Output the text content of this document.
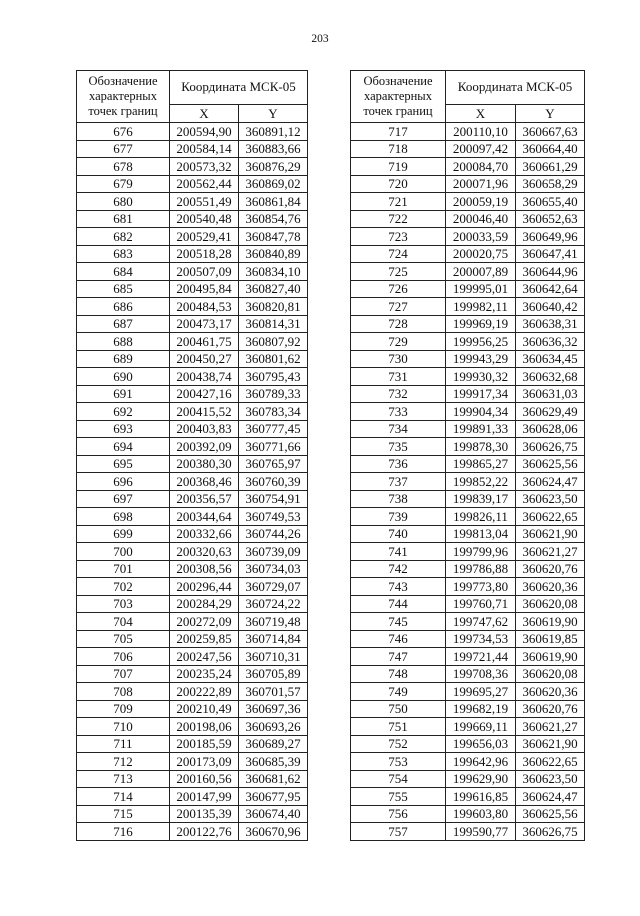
203
Обозначение характерных точек границ	Координата МСК-05	
	X	Y
676	200594,90	360891,12
677	200584,14	360883,66
678	200573,32	360876,29
679	200562,44	360869,02
680	200551,49	360861,84
681	200540,48	360854,76
682	200529,41	360847,78
683	200518,28	360840,89
684	200507,09	360834,10
685	200495,84	360827,40
686	200484,53	360820,81
687	200473,17	360814,31
688	200461,75	360807,92
689	200450,27	360801,62
690	200438,74	360795,43
691	200427,16	360789,33
692	200415,52	360783,34
693	200403,83	360777,45
694	200392,09	360771,66
695	200380,30	360765,97
696	200368,46	360760,39
697	200356,57	360754,91
698	200344,64	360749,53
699	200332,66	360744,26
700	200320,63	360739,09
701	200308,56	360734,03
702	200296,44	360729,07
703	200284,29	360724,22
704	200272,09	360719,48
705	200259,85	360714,84
706	200247,56	360710,31
707	200235,24	360705,89
708	200222,89	360701,57
709	200210,49	360697,36
710	200198,06	360693,26
711	200185,59	360689,27
712	200173,09	360685,39
713	200160,56	360681,62
714	200147,99	360677,95
715	200135,39	360674,40
716	200122,76	360670,96
Обозначение характерных точек границ	Координата МСК-05	
	X	Y
717	200110,10	360667,63
718	200097,42	360664,40
719	200084,70	360661,29
720	200071,96	360658,29
721	200059,19	360655,40
722	200046,40	360652,63
723	200033,59	360649,96
724	200020,75	360647,41
725	200007,89	360644,96
726	199995,01	360642,64
727	199982,11	360640,42
728	199969,19	360638,31
729	199956,25	360636,32
730	199943,29	360634,45
731	199930,32	360632,68
732	199917,34	360631,03
733	199904,34	360629,49
734	199891,33	360628,06
735	199878,30	360626,75
736	199865,27	360625,56
737	199852,22	360624,47
738	199839,17	360623,50
739	199826,11	360622,65
740	199813,04	360621,90
741	199799,96	360621,27
742	199786,88	360620,76
743	199773,80	360620,36
744	199760,71	360620,08
745	199747,62	360619,90
746	199734,53	360619,85
747	199721,44	360619,90
748	199708,36	360620,08
749	199695,27	360620,36
750	199682,19	360620,76
751	199669,11	360621,27
752	199656,03	360621,90
753	199642,96	360622,65
754	199629,90	360623,50
755	199616,85	360624,47
756	199603,80	360625,56
757	199590,77	360626,75
